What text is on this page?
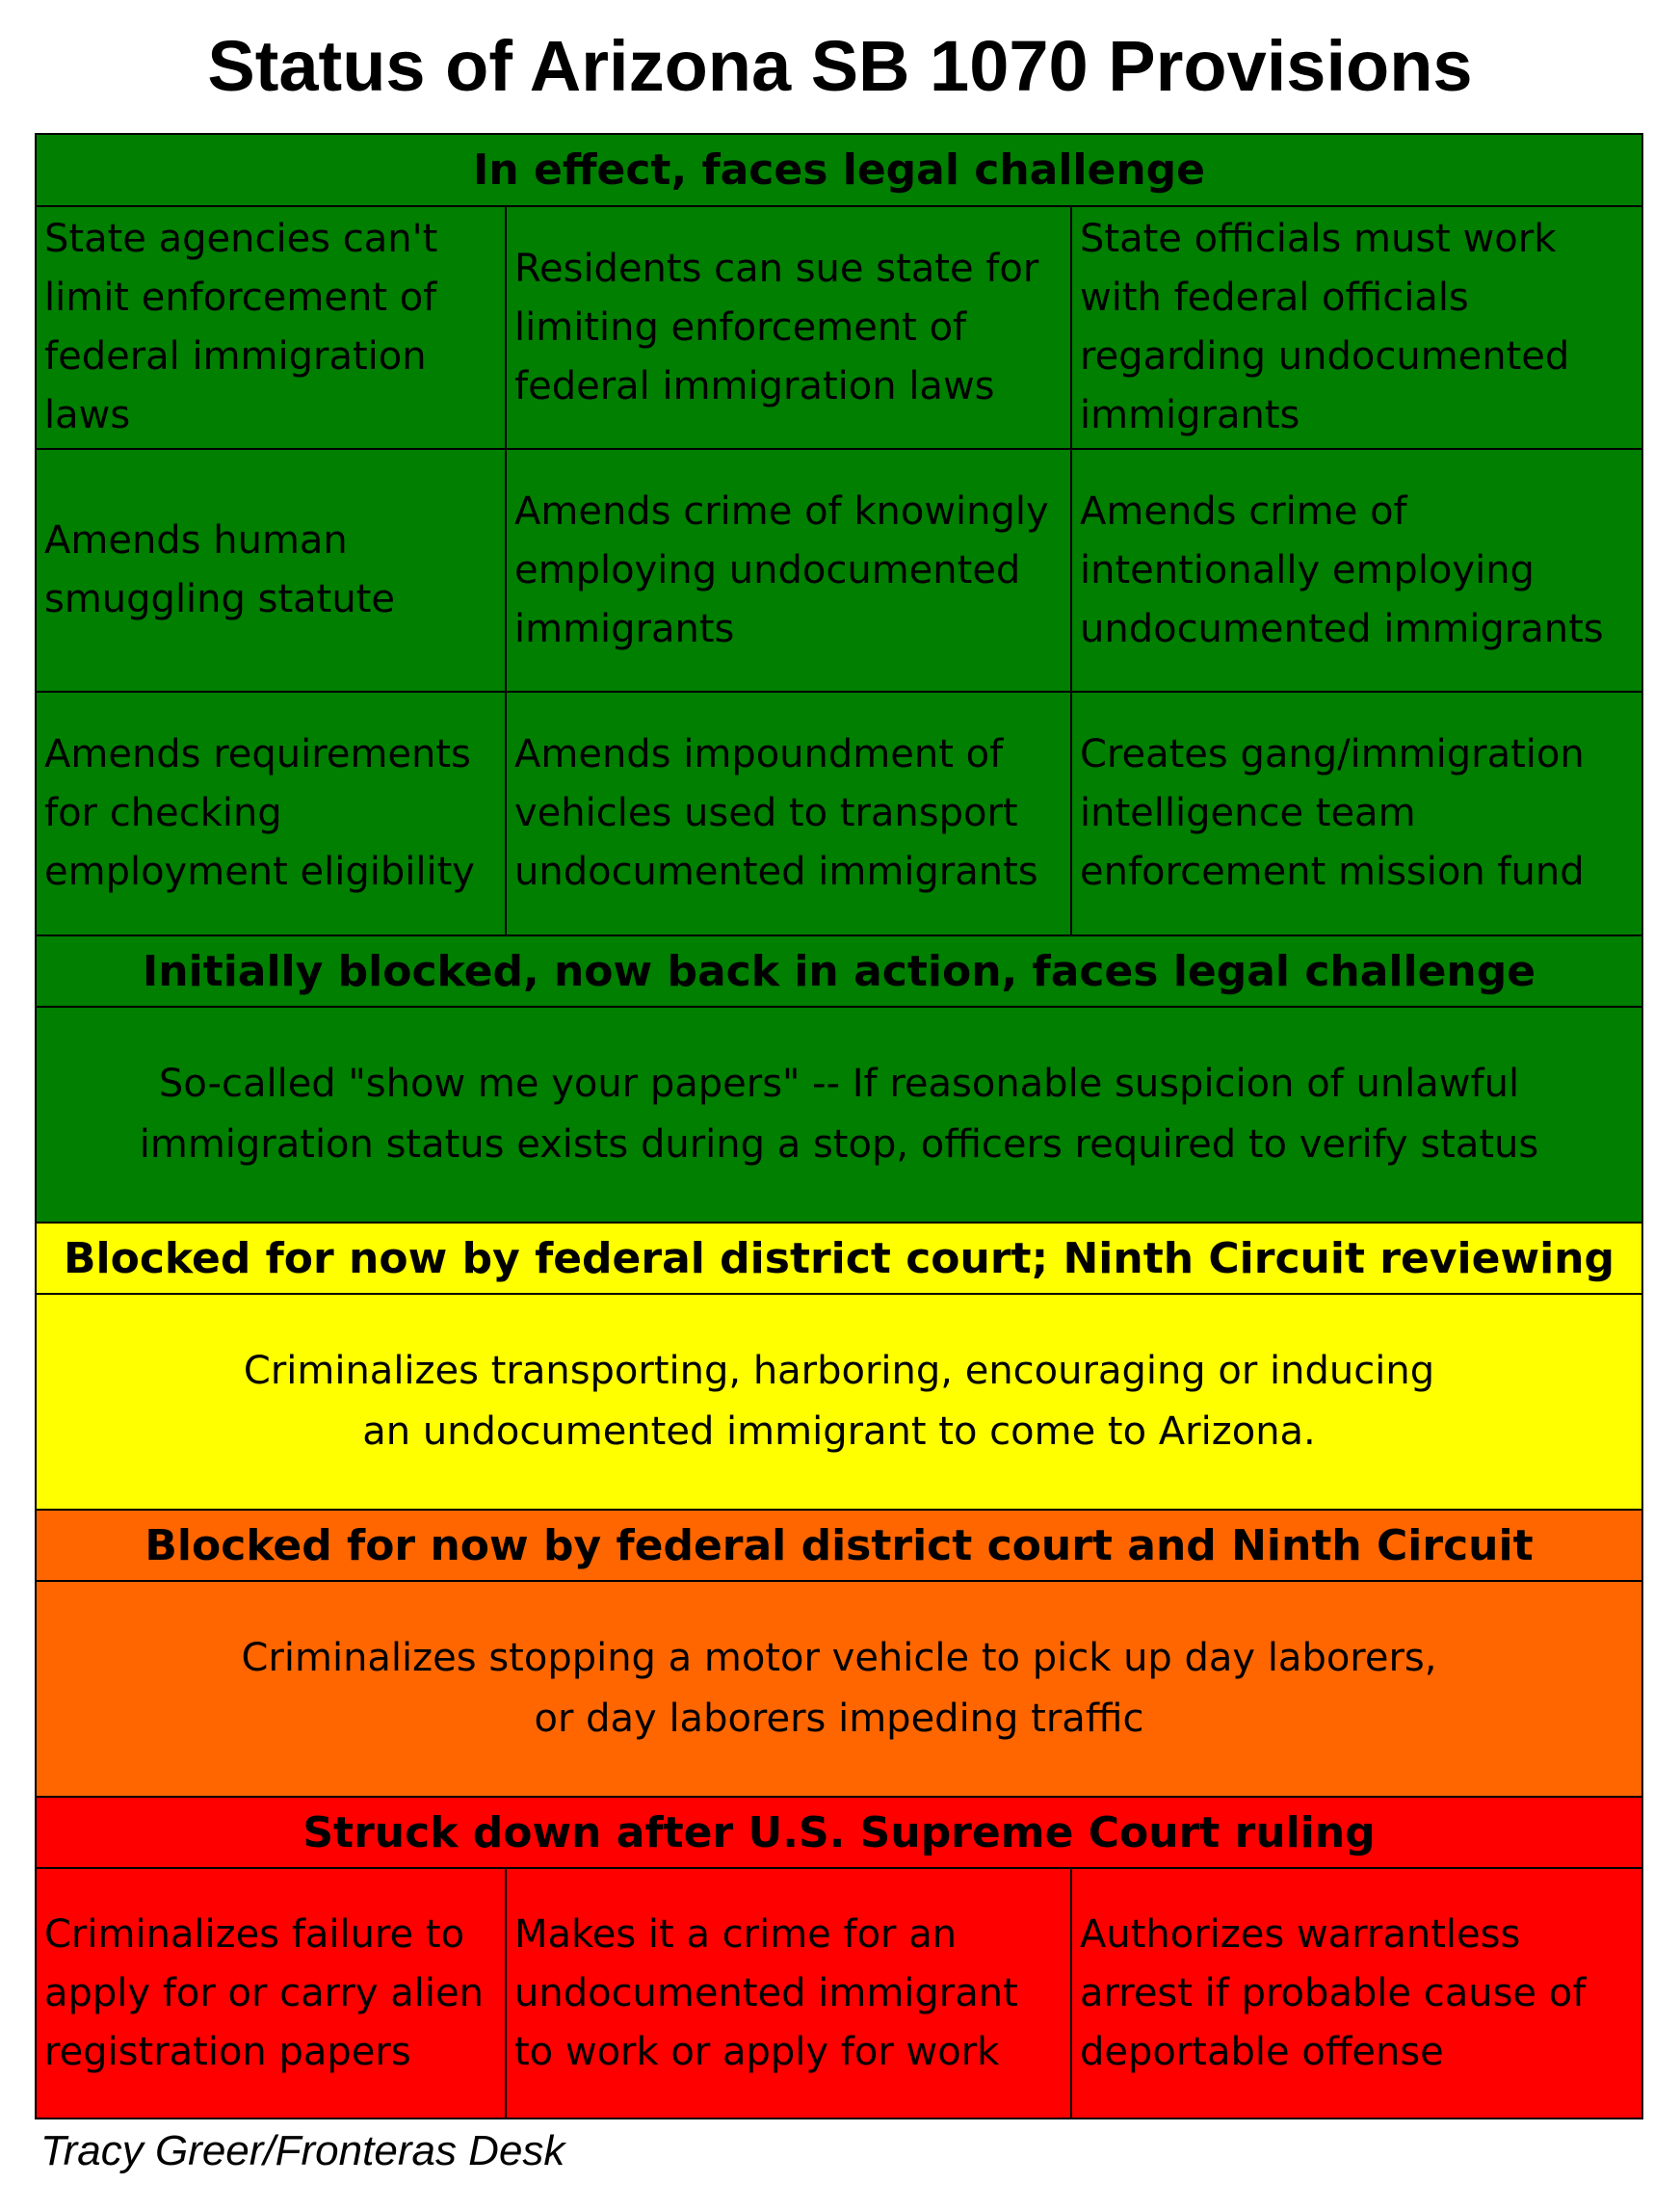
Status of Arizona SB 1070 Provisions
In effect, faces legal challenge
State agencies can't limit enforcement of federal immigration laws
Residents can sue state for limiting enforcement of federal immigration laws
State officials must work with federal officials regarding undocumented immigrants
Amends human smuggling statute
Amends crime of knowingly employing undocumented immigrants
Amends crime of intentionally employing undocumented immigrants
Amends requirements for checking employment eligibility
Amends impoundment of vehicles used to transport undocumented immigrants
Creates gang/immigration intelligence team enforcement mission fund
Initially blocked, now back in action, faces legal challenge
So-called "show me your papers" -- If reasonable suspicion of unlawful
immigration status exists during a stop, officers required to verify status
Blocked for now by federal district court; Ninth Circuit reviewing
Criminalizes transporting, harboring, encouraging or inducing
an undocumented immigrant to come to Arizona.
Blocked for now by federal district court and Ninth Circuit
Criminalizes stopping a motor vehicle to pick up day laborers,
or day laborers impeding traffic
Struck down after U.S. Supreme Court ruling
Criminalizes failure to apply for or carry alien registration papers
Makes it a crime for an undocumented immigrant to work or apply for work
Authorizes warrantless arrest if probable cause of deportable offense
Tracy Greer/Fronteras Desk
